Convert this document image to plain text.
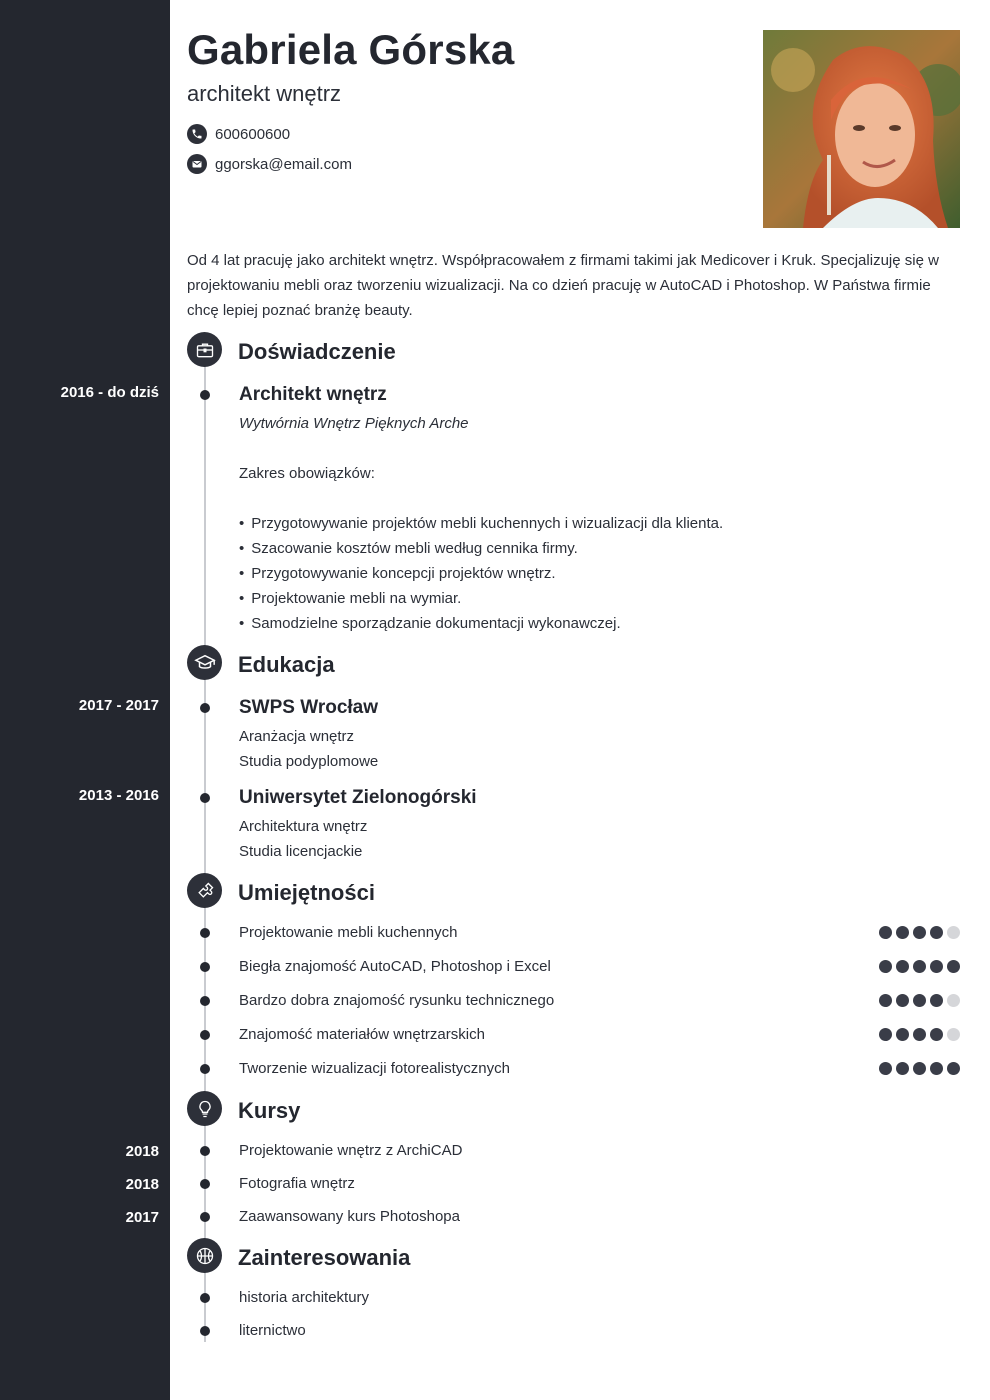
Gabriela Górska
architekt wnętrz
600600600
ggorska@email.com

Od 4 lat pracuję jako architekt wnętrz. Współpracowałem z firmami takimi jak Medicover i Kruk. Specjalizuję się w projektowaniu mebli oraz tworzeniu wizualizacji. Na co dzień pracuję w AutoCAD i Photoshop. W Państwa firmie chcę lepiej poznać branżę beauty.

Doświadczenie
2016 - do dziś	Architekt wnętrz
Wytwórnia Wnętrz Pięknych Arche
Zakres obowiązków:
• Przygotowywanie projektów mebli kuchennych i wizualizacji dla klienta.
• Szacowanie kosztów mebli według cennika firmy.
• Przygotowywanie koncepcji projektów wnętrz.
• Projektowanie mebli na wymiar.
• Samodzielne sporządzanie dokumentacji wykonawczej.
Edukacja
2017 - 2017	SWPS Wrocław
Aranżacja wnętrz
Studia podyplomowe
2013 - 2016	Uniwersytet Zielonogórski
Architektura wnętrz
Studia licencjackie
Umiejętności
Projektowanie mebli kuchennych
Biegła znajomość AutoCAD, Photoshop i Excel
Bardzo dobra znajomość rysunku technicznego
Znajomość materiałów wnętrzarskich
Tworzenie wizualizacji fotorealistycznych
Kursy
2018	Projektowanie wnętrz z ArchiCAD
2018	Fotografia wnętrz
2017	Zaawansowany kurs Photoshopa
Zainteresowania
historia architektury
liternictwo
